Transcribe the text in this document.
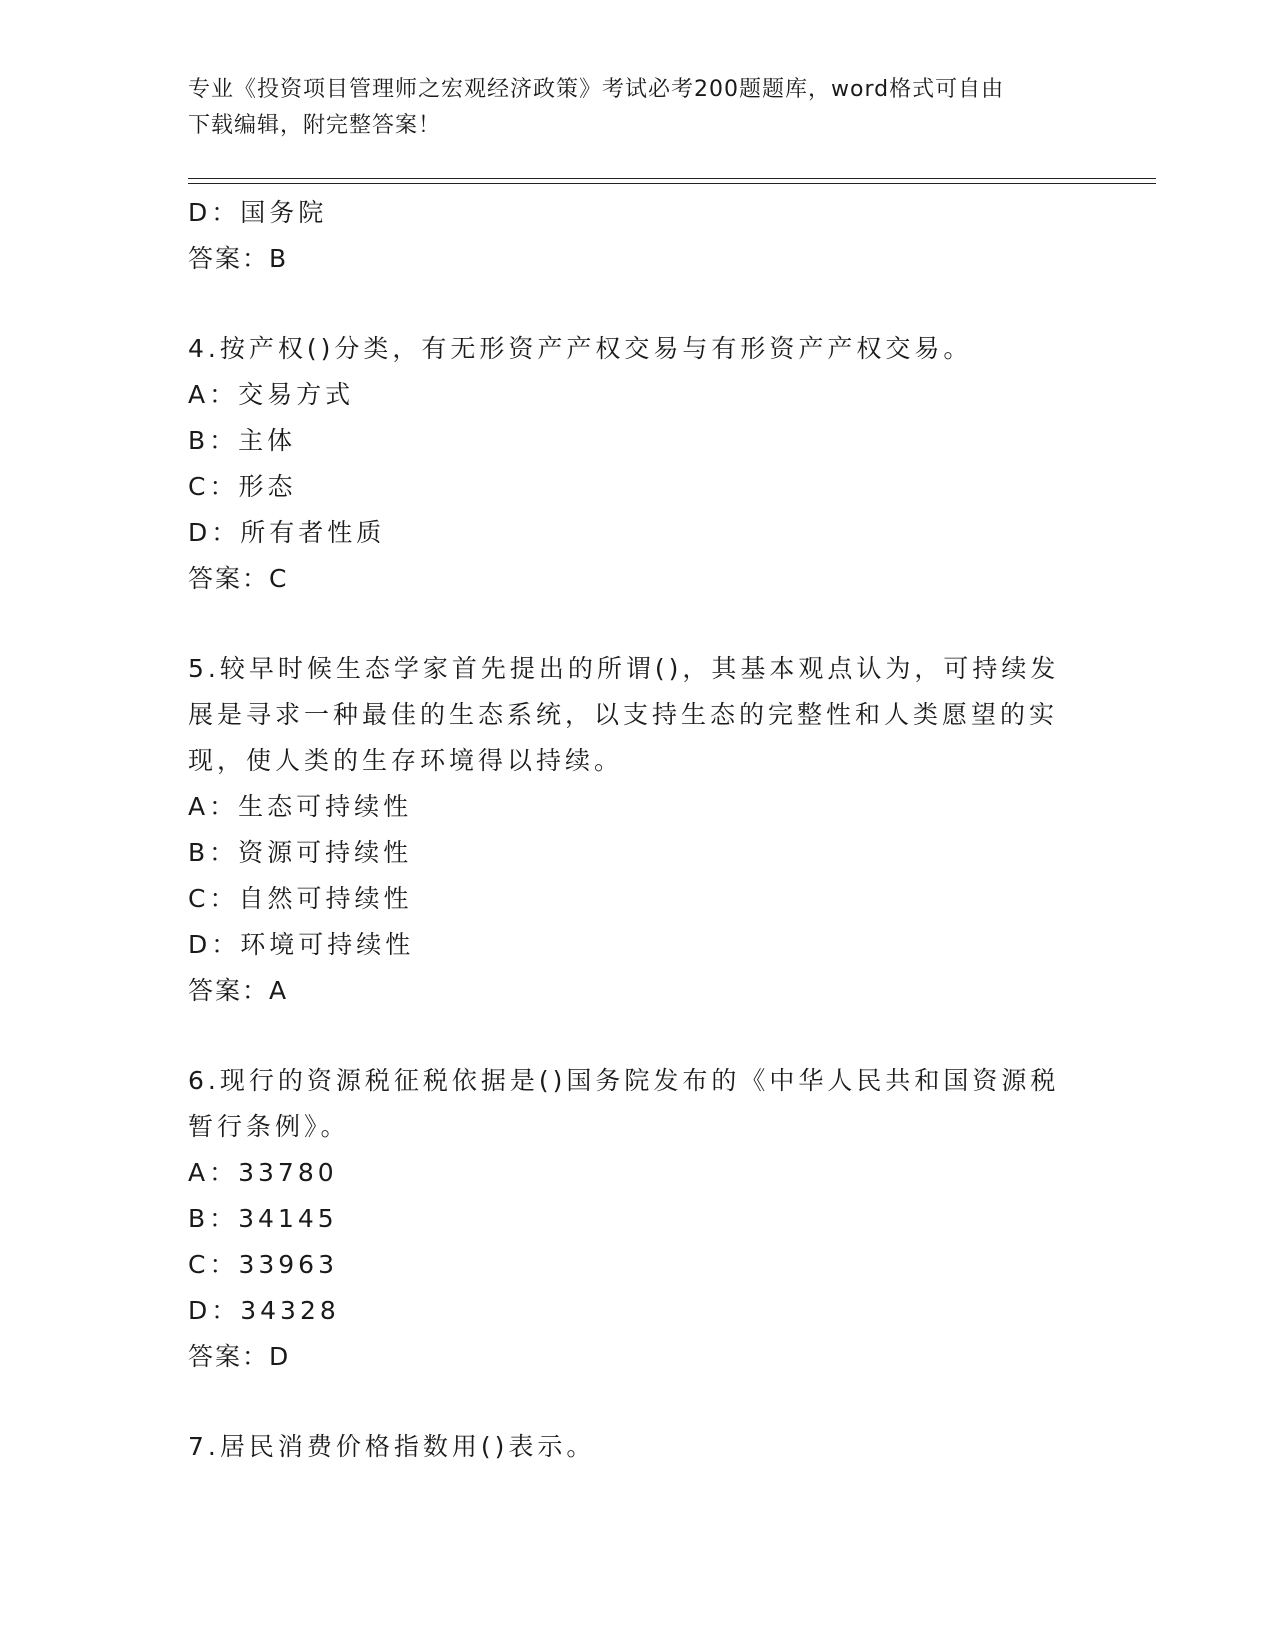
专业《投资项目管理师之宏观经济政策》考试必考200题题库，word格式可自由
下载编辑，附完整答案！
D：国务院
答案：B
4.按产权()分类，有无形资产产权交易与有形资产产权交易。
A：交易方式
B：主体
C：形态
D：所有者性质
答案：C
5.较早时候生态学家首先提出的所谓()，其基本观点认为，可持续发
展是寻求一种最佳的生态系统，以支持生态的完整性和人类愿望的实
现，使人类的生存环境得以持续。
A：生态可持续性
B：资源可持续性
C：自然可持续性
D：环境可持续性
答案：A
6.现行的资源税征税依据是()国务院发布的《中华人民共和国资源税
暂行条例》。
A：33780
B：34145
C：33963
D：34328
答案：D
7.居民消费价格指数用()表示。
